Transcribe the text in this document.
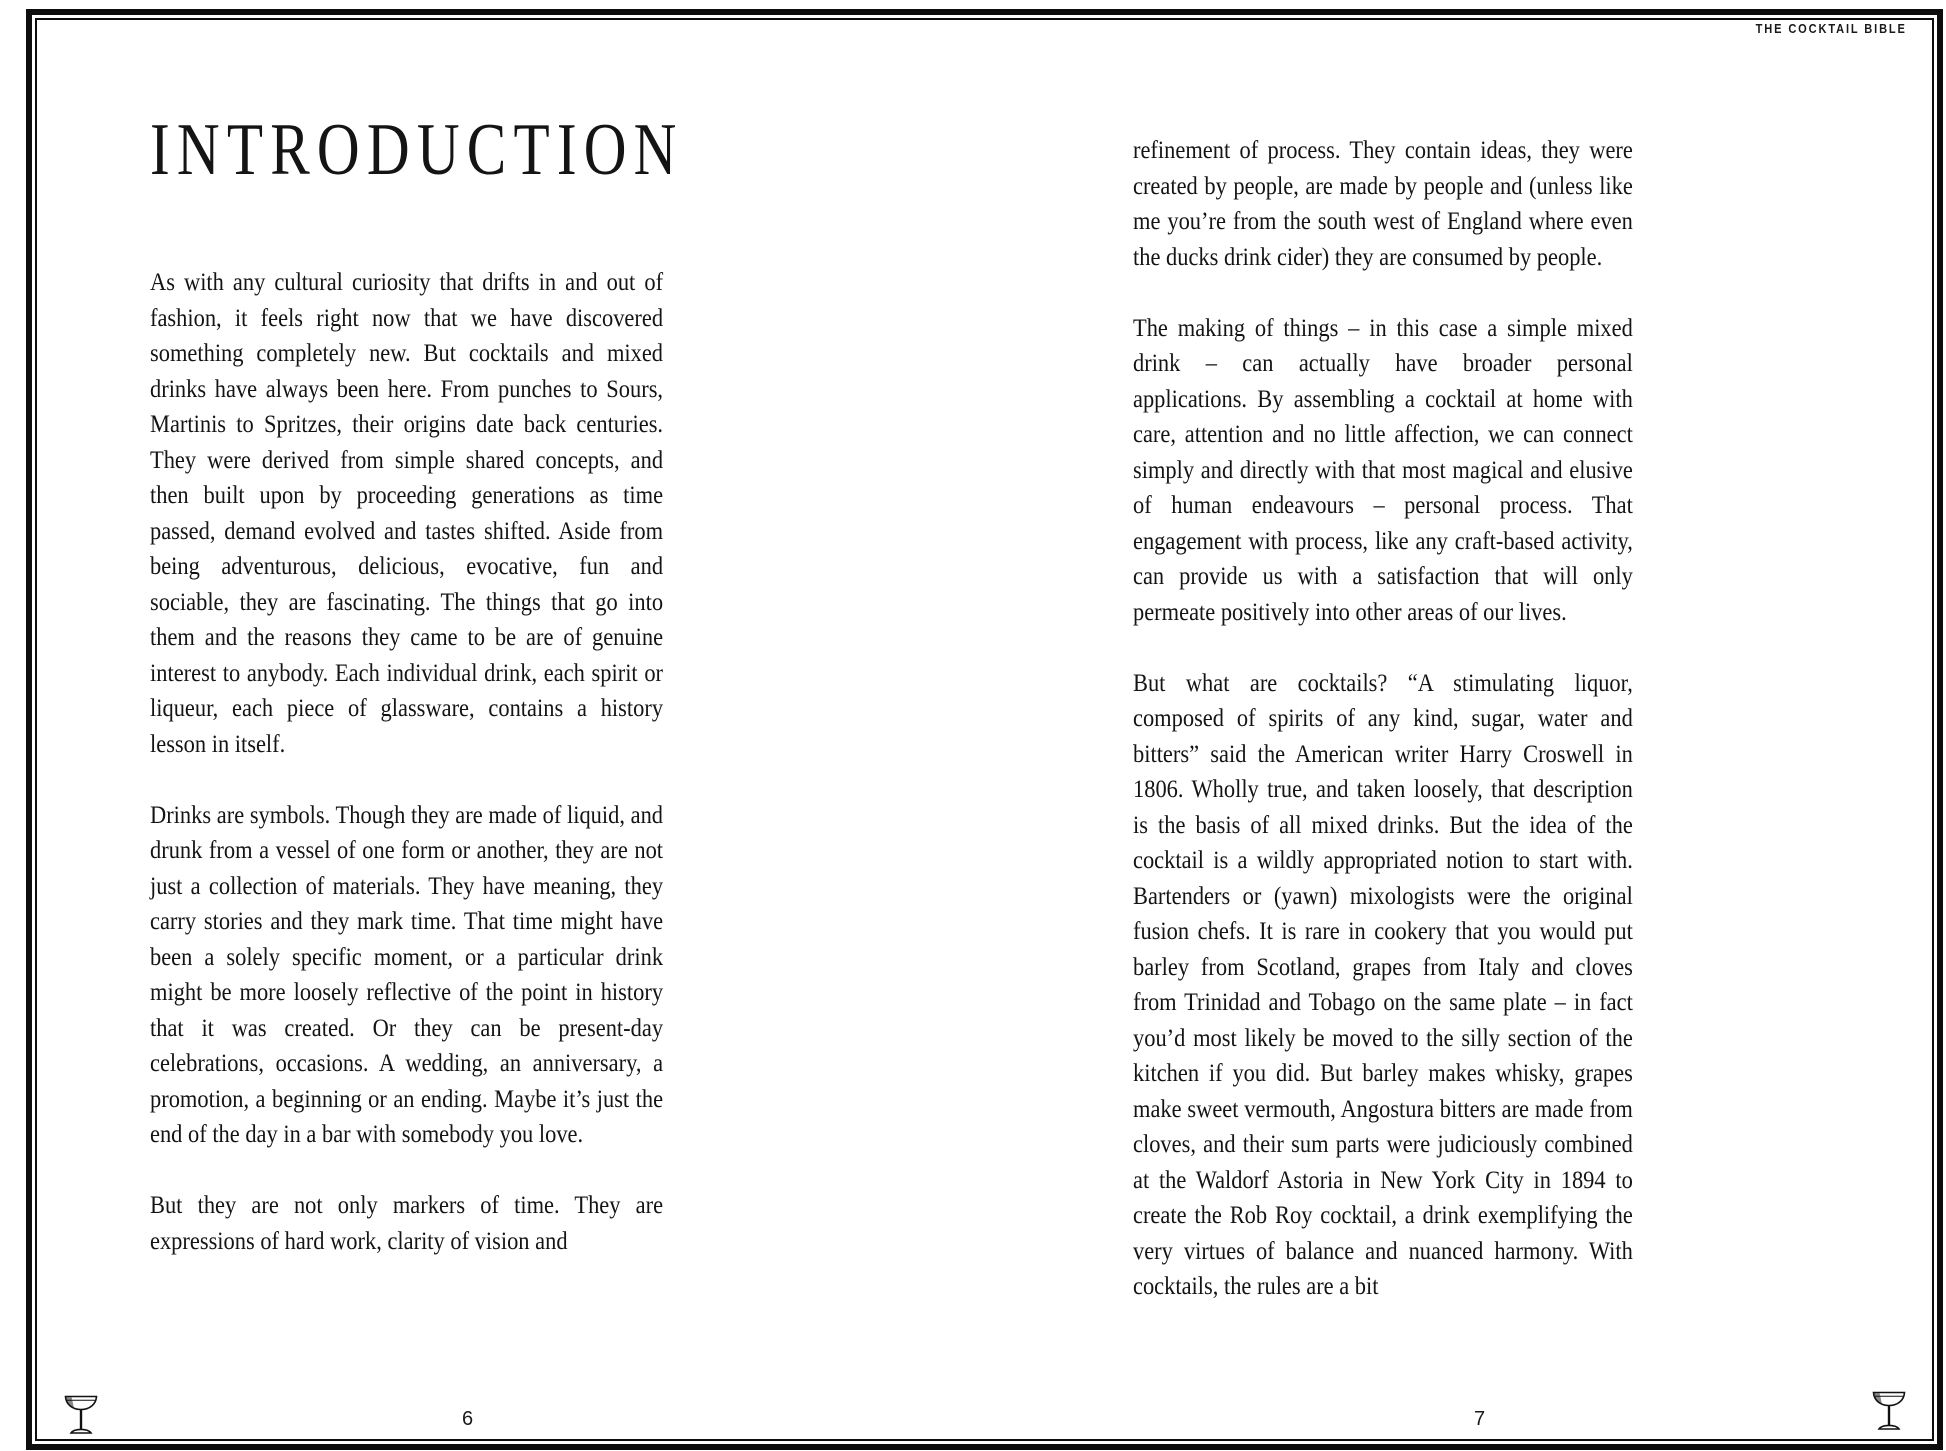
THE COCKTAIL BIBLE
INTRODUCTION

As with any cultural curiosity that drifts in and out of fashion, it feels right now that we have discovered something completely new. But cocktails and mixed drinks have always been here. From punches to Sours, Martinis to Spritzes, their origins date back centuries. They were derived from simple shared concepts, and then built upon by proceeding generations as time passed, demand evolved and tastes shifted. Aside from being adventurous, delicious, evocative, fun and sociable, they are fascinating. The things that go into them and the reasons they came to be are of genuine interest to anybody. Each individual drink, each spirit or liqueur, each piece of glassware, contains a history lesson in itself.

Drinks are symbols. Though they are made of liquid, and drunk from a vessel of one form or another, they are not just a collection of materials. They have meaning, they carry stories and they mark time. That time might have been a solely specific moment, or a particular drink might be more loosely reflective of the point in history that it was created. Or they can be present-day celebrations, occasions. A wedding, an anniversary, a promotion, a beginning or an ending. Maybe it’s just the end of the day in a bar with somebody you love.

But they are not only markers of time. They are expressions of hard work, clarity of vision and

refinement of process. They contain ideas, they were created by people, are made by people and (unless like me you’re from the south west of England where even the ducks drink cider) they are consumed by people.

The making of things – in this case a simple mixed drink – can actually have broader personal applications. By assembling a cocktail at home with care, attention and no little affection, we can connect simply and directly with that most magical and elusive of human endeavours – personal process. That engagement with process, like any craft-based activity, can provide us with a satisfaction that will only permeate positively into other areas of our lives.

But what are cocktails? “A stimulating liquor, composed of spirits of any kind, sugar, water and bitters” said the American writer Harry Croswell in 1806. Wholly true, and taken loosely, that description is the basis of all mixed drinks. But the idea of the cocktail is a wildly appropriated notion to start with. Bartenders or (yawn) mixologists were the original fusion chefs. It is rare in cookery that you would put barley from Scotland, grapes from Italy and cloves from Trinidad and Tobago on the same plate – in fact you’d most likely be moved to the silly section of the kitchen if you did. But barley makes whisky, grapes make sweet vermouth, Angostura bitters are made from cloves, and their sum parts were judiciously combined at the Waldorf Astoria in New York City in 1894 to create the Rob Roy cocktail, a drink exemplifying the very virtues of balance and nuanced harmony. With cocktails, the rules are a bit

6	7
